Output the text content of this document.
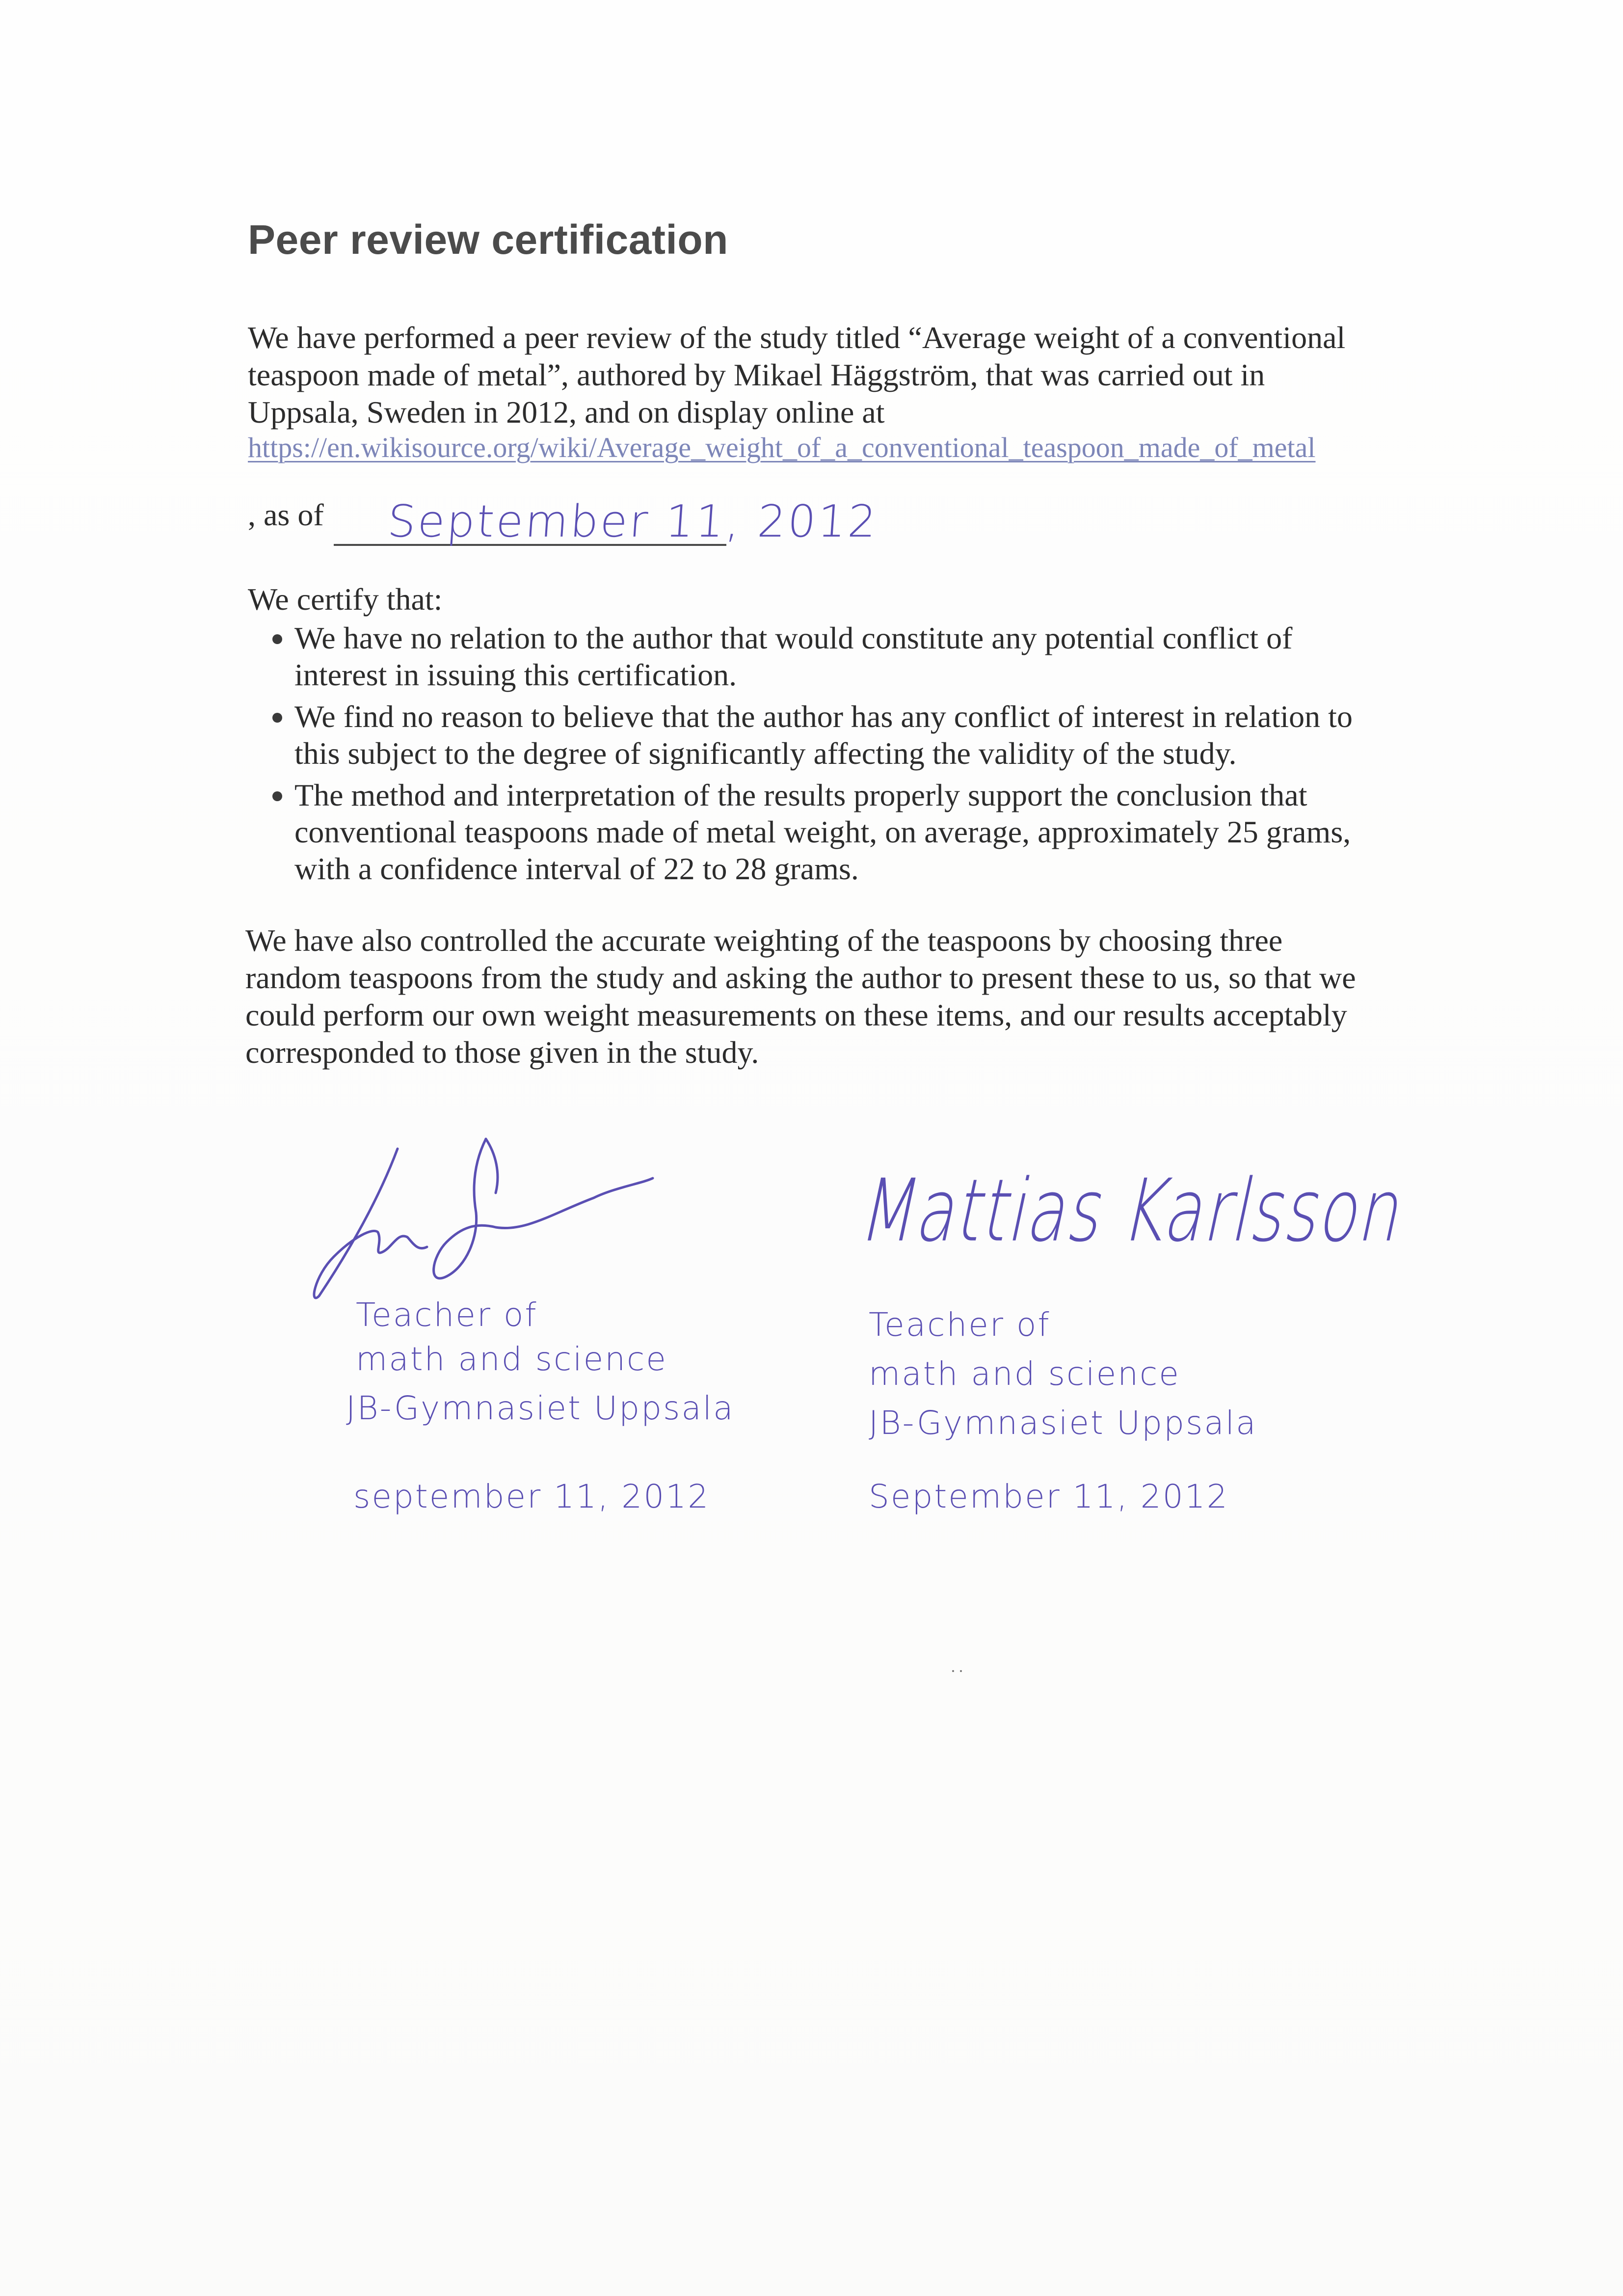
Peer review certification
We have performed a peer review of the study titled “Average weight of a conventional
teaspoon made of metal”, authored by Mikael Häggström, that was carried out in
Uppsala, Sweden in 2012, and on display online at
https://en.wikisource.org/wiki/Average_weight_of_a_conventional_teaspoon_made_of_metal
, as of September 11, 2012
We certify that:
We have no relation to the author that would constitute any potential conflict of
interest in issuing this certification.
We find no reason to believe that the author has any conflict of interest in relation to
this subject to the degree of significantly affecting the validity of the study.
The method and interpretation of the results properly support the conclusion that
conventional teaspoons made of metal weight, on average, approximately 25 grams,
with a confidence interval of 22 to 28 grams.
We have also controlled the accurate weighting of the teaspoons by choosing three
random teaspoons from the study and asking the author to present these to us, so that we
could perform our own weight measurements on these items, and our results acceptably
corresponded to those given in the study.
Teacher of
math and science
JB-Gymnasiet Uppsala
september 11, 2012
Mattias Karlsson
Teacher of
math and science
JB-Gymnasiet Uppsala
September 11, 2012
